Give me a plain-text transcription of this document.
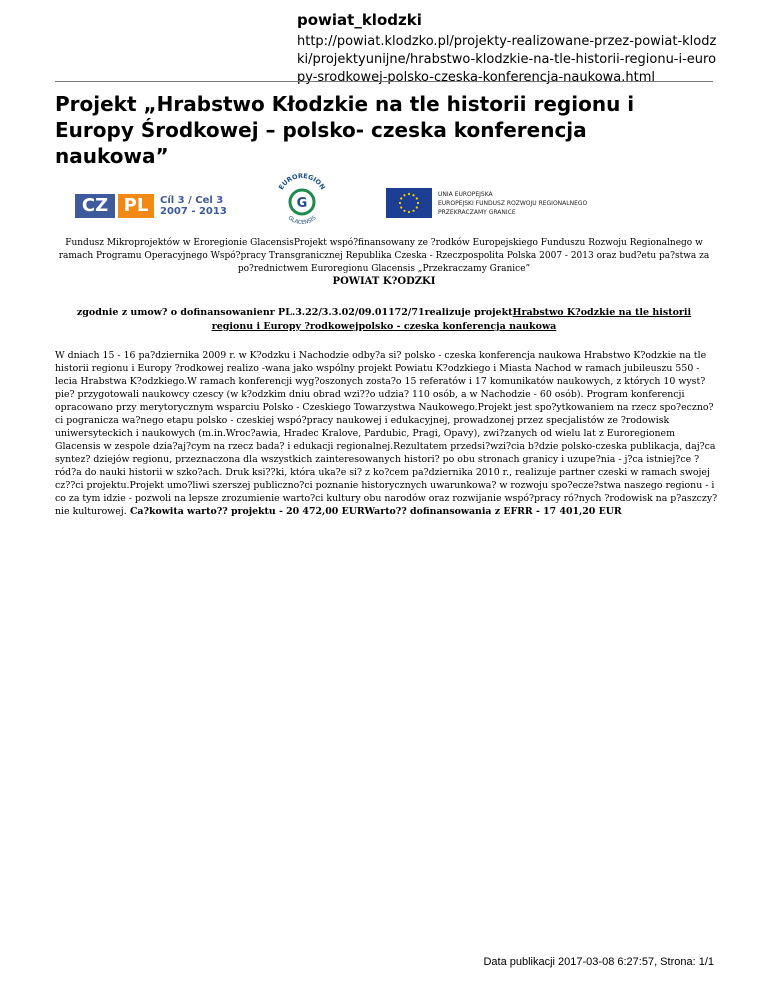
powiat_klodzki
http://powiat.klodzko.pl/projekty-realizowane-przez-powiat-klodzki/projektyunijne/hrabstwo-klodzkie-na-tle-historii-regionu-i-europy-srodkowej-polsko-czeska-konferencja-naukowa.html
Projekt „Hrabstwo Kłodzkie na tle historii regionu i Europy Środkowej – polsko- czeska konferencja naukowa”
CZ PL	Cíl 3 / Cel 3
2007 - 2013
EUROREGION
G
GLACENSIS
UNIA EUROPEJSKA
EUROPEJSKI FUNDUSZ ROZWOJU REGIONALNEGO
PRZEKRACZAMY GRANICE

Fundusz Mikroprojektów w Eroregionie GlacensisProjekt wspó?finansowany ze ?rodków Europejskiego Funduszu Rozwoju Regionalnego w ramach Programu Operacyjnego Wspó?pracy Transgranicznej Republika Czeska - Rzeczpospolita Polska 2007 - 2013 oraz bud?etu pa?stwa za po?rednictwem Euroregionu Glacensis „Przekraczamy Granice”

POWIAT K?ODZKI

zgodnie z umow? o dofinansowanienr PL.3.22/3.3.02/09.01172/71realizuje projektHrabstwo K?odzkie na tle historii regionu i Europy ?rodkowejpolsko - czeska konferencja naukowa

W dniach 15 - 16 pa?dziernika 2009 r. w K?odzku i Nachodzie odby?a si? polsko - czeska konferencja naukowa Hrabstwo K?odzkie na tle historii regionu i Europy ?rodkowej realizo -wana jako wspólny projekt Powiatu K?odzkiego i Miasta Nachod w ramach jubileuszu 550 - lecia Hrabstwa K?odzkiego.W ramach konferencji wyg?oszonych zosta?o 15 referatów i 17 komunikatów naukowych, z których 10 wyst?pie? przygotowali naukowcy czescy (w k?odzkim dniu obrad wzi??o udzia? 110 osób, a w Nachodzie - 60 osób). Program konferencji opracowano przy merytorycznym wsparciu Polsko - Czeskiego Towarzystwa Naukowego.Projekt jest spo?ytkowaniem na rzecz spo?eczno?ci pogranicza wa?nego etapu polsko - czeskiej wspó?pracy naukowej i edukacyjnej, prowadzonej przez specjalistów ze ?rodowisk uniwersyteckich i naukowych (m.in.Wroc?awia, Hradec Kralove, Pardubic, Pragi, Opavy), zwi?zanych od wielu lat z Euroregionem Glacensis w zespole dzia?aj?cym na rzecz bada? i edukacji regionalnej.Rezultatem przedsi?wzi?cia b?dzie polsko-czeska publikacja, daj?ca syntez? dziejów regionu, przeznaczona dla wszystkich zainteresowanych histori? po obu stronach granicy i uzupe?nia - j?ca istniej?ce ?ród?a do nauki historii w szko?ach. Druk ksi??ki, która uka?e si? z ko?cem pa?dziernika 2010 r., realizuje partner czeski w ramach swojej cz??ci projektu.Projekt umo?liwi szerszej publiczno?ci poznanie historycznych uwarunkowa? w rozwoju spo?ecze?stwa naszego regionu - i co za tym idzie - pozwoli na lepsze zrozumienie warto?ci kultury obu narodów oraz rozwijanie wspó?pracy ró?nych ?rodowisk na p?aszczy?nie kulturowej. Ca?kowita warto?? projektu - 20 472,00 EURWarto?? dofinansowania z EFRR - 17 401,20 EUR

Data publikacji 2017-03-08 6:27:57, Strona: 1/1
